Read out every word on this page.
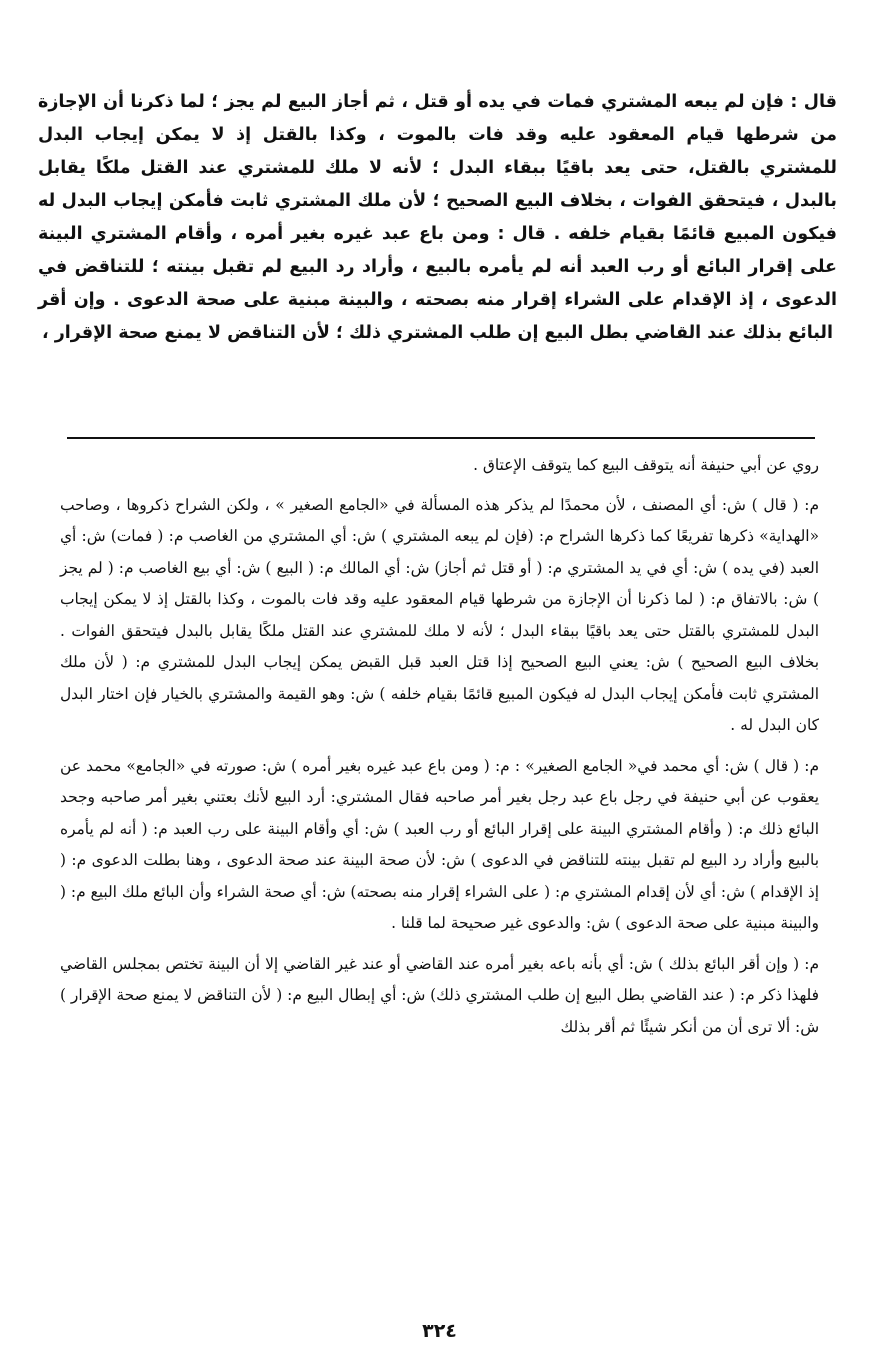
قال : فإن لم يبعه المشتري فمات في يده أو قتل ، ثم أجاز البيع لم يجز ؛ لما ذكرنا أن الإجازة من شرطها قيام المعقود عليه وقد فات بالموت ، وكذا بالقتل إذ لا يمكن إيجاب البدل للمشتري بالقتل، حتى يعد باقيًا ببقاء البدل ؛ لأنه لا ملك للمشتري عند القتل ملكًا يقابل بالبدل ، فيتحقق الفوات ، بخلاف البيع الصحيح ؛ لأن ملك المشتري ثابت فأمكن إيجاب البدل له فيكون المبيع قائمًا بقيام خلفه . قال : ومن باع عبد غيره بغير أمره ، وأقام المشتري البينة على إقرار البائع أو رب العبد أنه لم يأمره بالبيع ، وأراد رد البيع لم تقبل بينته ؛ للتناقض في الدعوى ، إذ الإقدام على الشراء إقرار منه بصحته ، والبينة مبنية على صحة الدعوى . وإن أقر البائع بذلك عند القاضي بطل البيع إن طلب المشتري ذلك ؛ لأن التناقض لا يمنع صحة الإقرار ،

روي عن أبي حنيفة أنه يتوقف البيع كما يتوقف الإعتاق .

م: ( قال ) ش: أي المصنف ، لأن محمدًا لم يذكر هذه المسألة في «الجامع الصغير » ، ولكن الشراح ذكروها ، وصاحب «الهداية» ذكرها تفريعًا كما ذكرها الشراح م: (فإن لم يبعه المشتري ) ش: أي المشتري من الغاصب م: ( فمات) ش: أي العبد (في يده ) ش: أي في يد المشتري م: ( أو قتل ثم أجاز) ش: أي المالك م: ( البيع ) ش: أي بيع الغاصب م: ( لم يجز ) ش: بالاتفاق م: ( لما ذكرنا أن الإجازة من شرطها قيام المعقود عليه وقد فات بالموت ، وكذا بالقتل إذ لا يمكن إيجاب البدل للمشتري بالقتل حتى يعد باقيًا ببقاء البدل ؛ لأنه لا ملك للمشتري عند القتل ملكًا يقابل بالبدل فيتحقق الفوات . بخلاف البيع الصحيح ) ش: يعني البيع الصحيح إذا قتل العبد قبل القبض يمكن إيجاب البدل للمشتري م: ( لأن ملك المشتري ثابت فأمكن إيجاب البدل له فيكون المبيع قائمًا بقيام خلفه ) ش: وهو القيمة والمشتري بالخيار فإن اختار البدل كان البدل له .

م: ( قال ) ش: أي محمد في« الجامع الصغير» : م: ( ومن باع عبد غيره بغير أمره ) ش: صورته في «الجامع» محمد عن يعقوب عن أبي حنيفة في رجل باع عبد رجل بغير أمر صاحبه فقال المشتري: أرد البيع لأنك بعتني بغير أمر صاحبه وجحد البائع ذلك م: ( وأقام المشتري البينة على إقرار البائع أو رب العبد ) ش: أي وأقام البينة على رب العبد م: ( أنه لم يأمره بالبيع وأراد رد البيع لم تقبل بينته للتناقض في الدعوى ) ش: لأن صحة البينة عند صحة الدعوى ، وهنا بطلت الدعوى م: ( إذ الإقدام ) ش: أي لأن إقدام المشتري م: ( على الشراء إقرار منه بصحته) ش: أي صحة الشراء وأن البائع ملك البيع م: ( والبينة مبنية على صحة الدعوى ) ش: والدعوى غير صحيحة لما قلنا .

م: ( وإن أقر البائع بذلك ) ش: أي بأنه باعه بغير أمره عند القاضي أو عند غير القاضي إلا أن البينة تختص بمجلس القاضي فلهذا ذكر م: ( عند القاضي بطل البيع إن طلب المشتري ذلك) ش: أي إبطال البيع م: ( لأن التناقض لا يمنع صحة الإقرار ) ش: ألا ترى أن من أنكر شيئًا ثم أقر بذلك

٣٢٤
